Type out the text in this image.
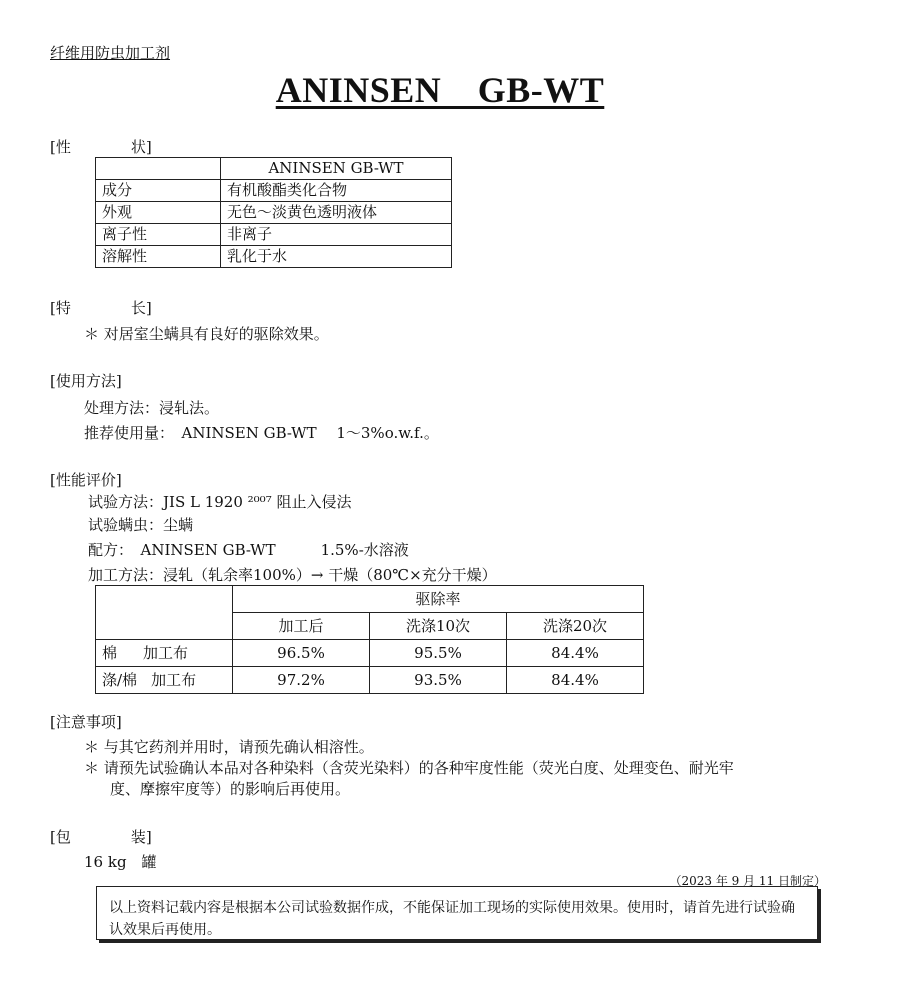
纤维用防虫加工剂
ANINSEN　GB-WT
[性	状]
	ANINSEN GB-WT
成分	有机酸酯类化合物
外观	无色～淡黄色透明液体
离子性	非离子
溶解性	乳化于水
[特	长]
＊ 对居室尘螨具有良好的驱除效果。
[使用方法]
处理方法：浸轧法。
推荐使用量：　ANINSEN GB-WT　 1～3%o.w.f.。
[性能评价]
试验方法：JIS L 1920 ²⁰⁰⁷ 阻止入侵法
试验螨虫：尘螨
配方：　ANINSEN GB-WT　　　1.5%-水溶液
加工方法：浸轧（轧余率100%）→ 干燥（80℃×充分干燥）
	驱除率		
	加工后	洗涤10次	洗涤20次
棉 加工布	96.5%	95.5%	84.4%
涤/棉 加工布	97.2%	93.5%	84.4%
[注意事项]
＊ 与其它药剂并用时，请预先确认相溶性。
＊ 请预先试验确认本品对各种染料（含荧光染料）的各种牢度性能（荧光白度、处理变色、耐光牢
度、摩擦牢度等）的影响后再使用。
[包	装]
16 kg　罐
（2023 年 9 月 11 日制定）
以上资料记载内容是根据本公司试验数据作成，不能保证加工现场的实际使用效果。使用时，请首先进行试验确认效果后再使用。
